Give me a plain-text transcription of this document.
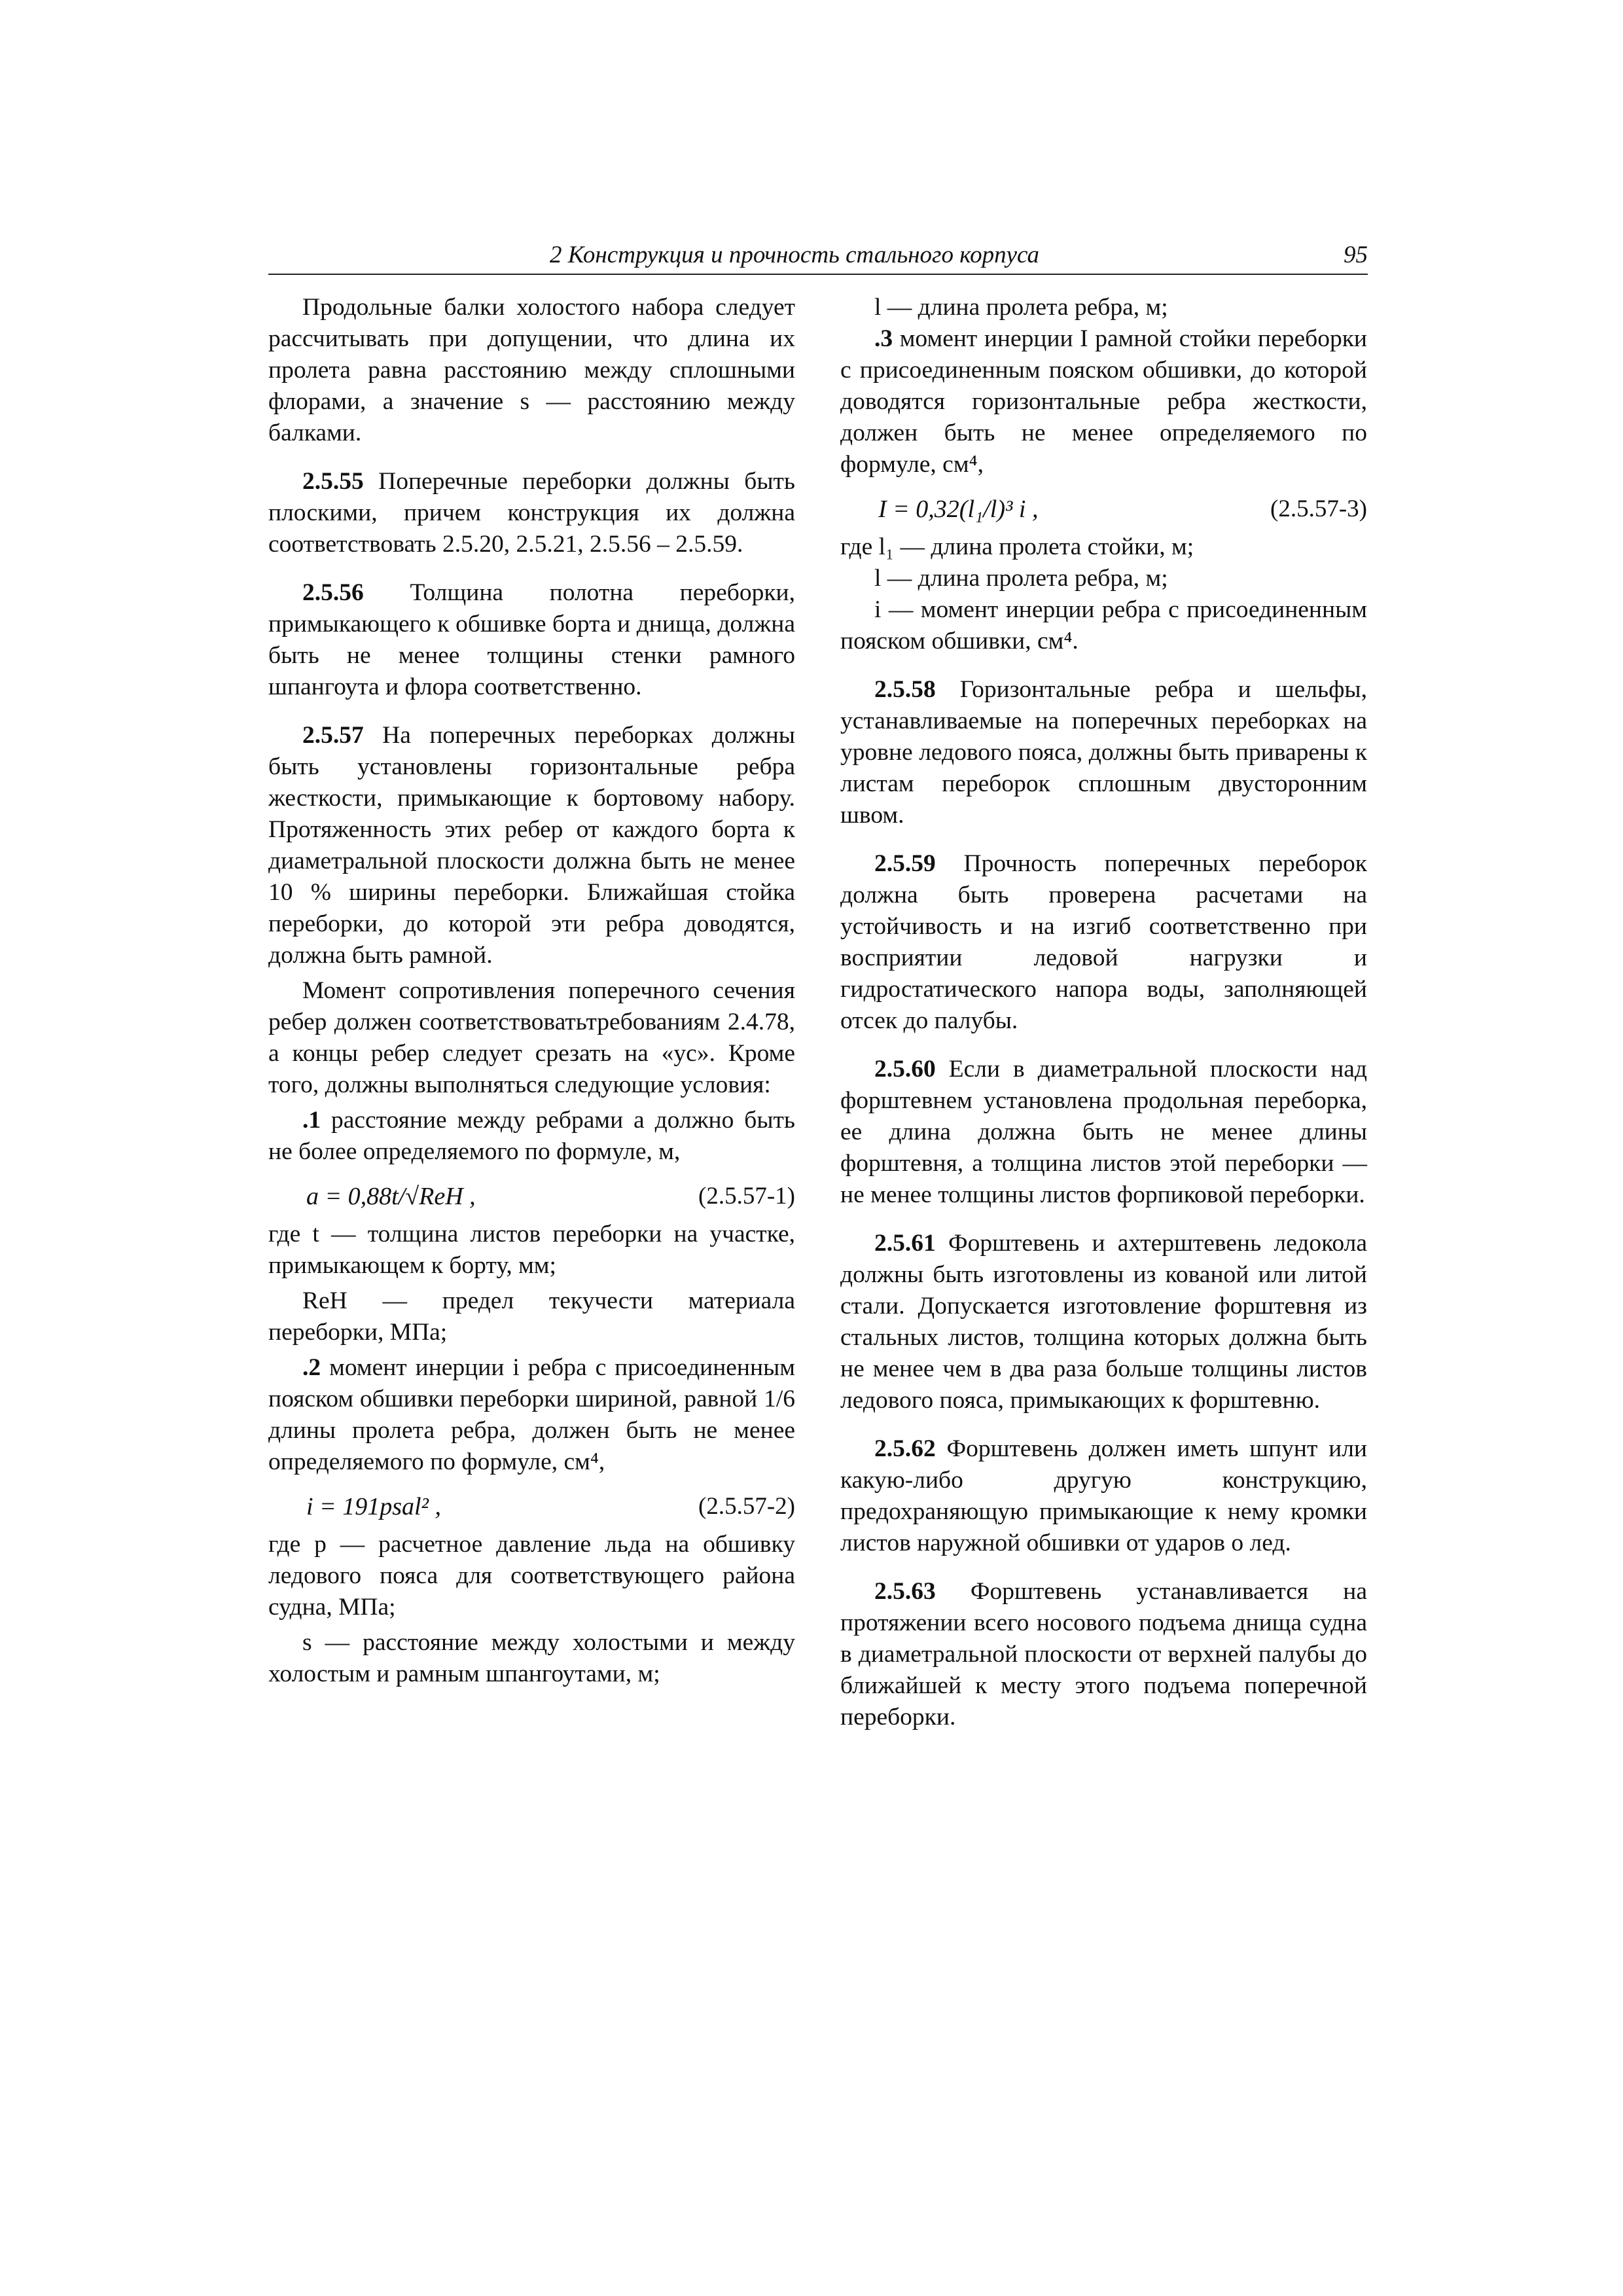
2 Конструкция и прочность стального корпуса	95

Продольные балки холостого набора следует рассчитывать при допущении, что длина их пролета равна расстоянию между сплошными флорами, а значение s — расстоянию между балками.

2.5.55 Поперечные переборки должны быть плоскими, причем конструкция их должна соответствовать 2.5.20, 2.5.21, 2.5.56 – 2.5.59.

2.5.56 Толщина полотна переборки, примыкающего к обшивке борта и днища, должна быть не менее толщины стенки рамного шпангоута и флора соответственно.

2.5.57 На поперечных переборках должны быть установлены горизонтальные ребра жесткости, примыкающие к бортовому набору. Протяженность этих ребер от каждого борта к диаметральной плоскости должна быть не менее 10 % ширины переборки. Ближайшая стойка переборки, до которой эти ребра доводятся, должна быть рамной.

Момент сопротивления поперечного сечения ребер должен соответствоватьтребованиям 2.4.78, а концы ребер следует срезать на «ус». Кроме того, должны выполняться следующие условия:

.1 расстояние между ребрами a должно быть не более определяемого по формуле, м,

a = 0,88t/√RеН ,	(2.5.57-1)

где t — толщина листов переборки на участке, примыкающем к борту, мм;

RеН — предел текучести материала переборки, МПа;

.2 момент инерции i ребра с присоединенным пояском обшивки переборки шириной, равной 1/6 длины пролета ребра, должен быть не менее определяемого по формуле, см⁴,

i = 191psal² ,	(2.5.57-2)

где p — расчетное давление льда на обшивку ледового пояса для соответствующего района судна, МПа;

s — расстояние между холостыми и между холостым и рамным шпангоутами, м;

l — длина пролета ребра, м;

.3 момент инерции I рамной стойки переборки с присоединенным пояском обшивки, до которой доводятся горизонтальные ребра жесткости, должен быть не менее определяемого по формуле, см⁴,

I = 0,32(l₁/l)³ i ,	(2.5.57-3)

где l₁ — длина пролета стойки, м;

l — длина пролета ребра, м;

i — момент инерции ребра с присоединенным пояском обшивки, см⁴.

2.5.58 Горизонтальные ребра и шельфы, устанавливаемые на поперечных переборках на уровне ледового пояса, должны быть приварены к листам переборок сплошным двусторонним швом.

2.5.59 Прочность поперечных переборок должна быть проверена расчетами на устойчивость и на изгиб соответственно при восприятии ледовой нагрузки и гидростатического напора воды, заполняющей отсек до палубы.

2.5.60 Если в диаметральной плоскости над форштевнем установлена продольная переборка, ее длина должна быть не менее длины форштевня, а толщина листов этой переборки — не менее толщины листов форпиковой переборки.

2.5.61 Форштевень и ахтерштевень ледокола должны быть изготовлены из кованой или литой стали. Допускается изготовление форштевня из стальных листов, толщина которых должна быть не менее чем в два раза больше толщины листов ледового пояса, примыкающих к форштевню.

2.5.62 Форштевень должен иметь шпунт или какую-либо другую конструкцию, предохраняющую примыкающие к нему кромки листов наружной обшивки от ударов о лед.

2.5.63 Форштевень устанавливается на протяжении всего носового подъема днища судна в диаметральной плоскости от верхней палубы до ближайшей к месту этого подъема поперечной переборки.
